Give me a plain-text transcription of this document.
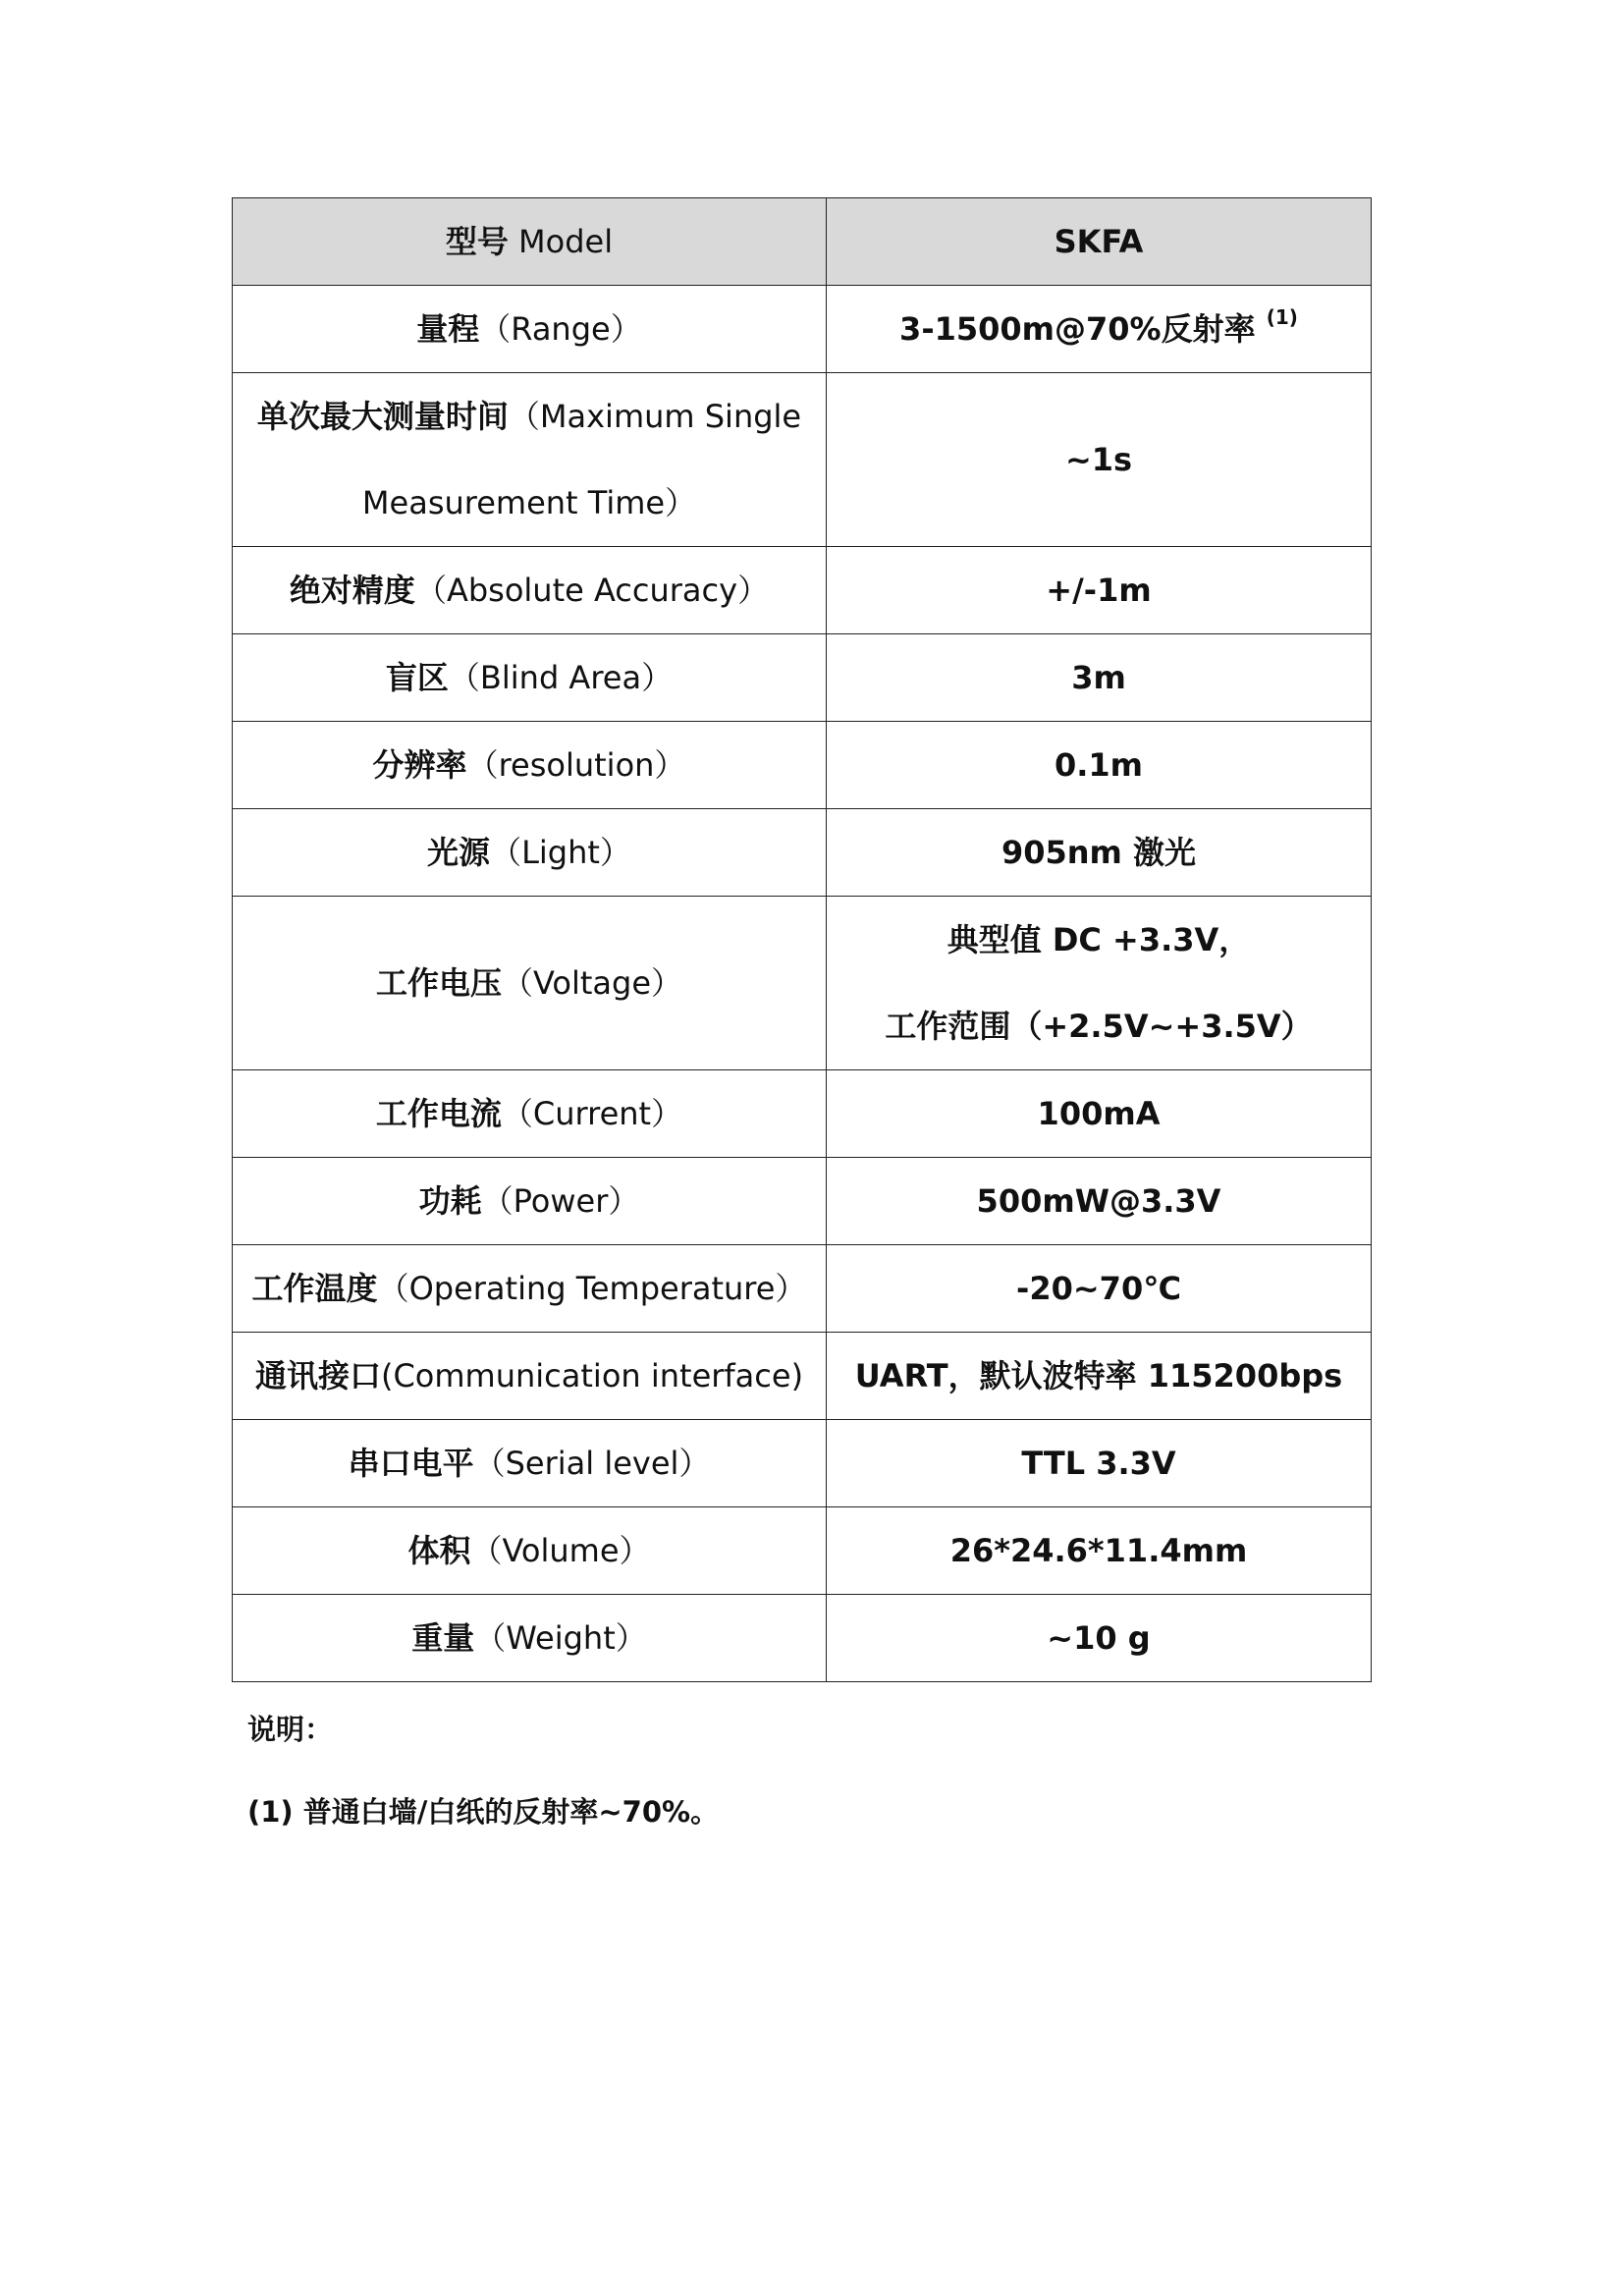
型号 Model	SKFA
量程（Range）	3-1500m@70%反射率 $^{(1)}$
单次最大测量时间（Maximum Single
Measurement Time）	~1s
绝对精度（Absolute Accuracy）	+/-1m
盲区（Blind Area）	3m
分辨率（resolution）	0.1m
光源（Light）	905nm 激光
工作电压（Voltage）	典型值 DC +3.3V，
工作范围（+2.5V~+3.5V）
工作电流（Current）	100mA
功耗（Power）	500mW@3.3V
工作温度（Operating Temperature）	-20~70℃
通讯接口(Communication interface)	UART，默认波特率 115200bps
串口电平（Serial level）	TTL 3.3V
体积（Volume）	26*24.6*11.4mm
重量（Weight）	~10 g
说明：
(1) 普通白墙/白纸的反射率~70%。
